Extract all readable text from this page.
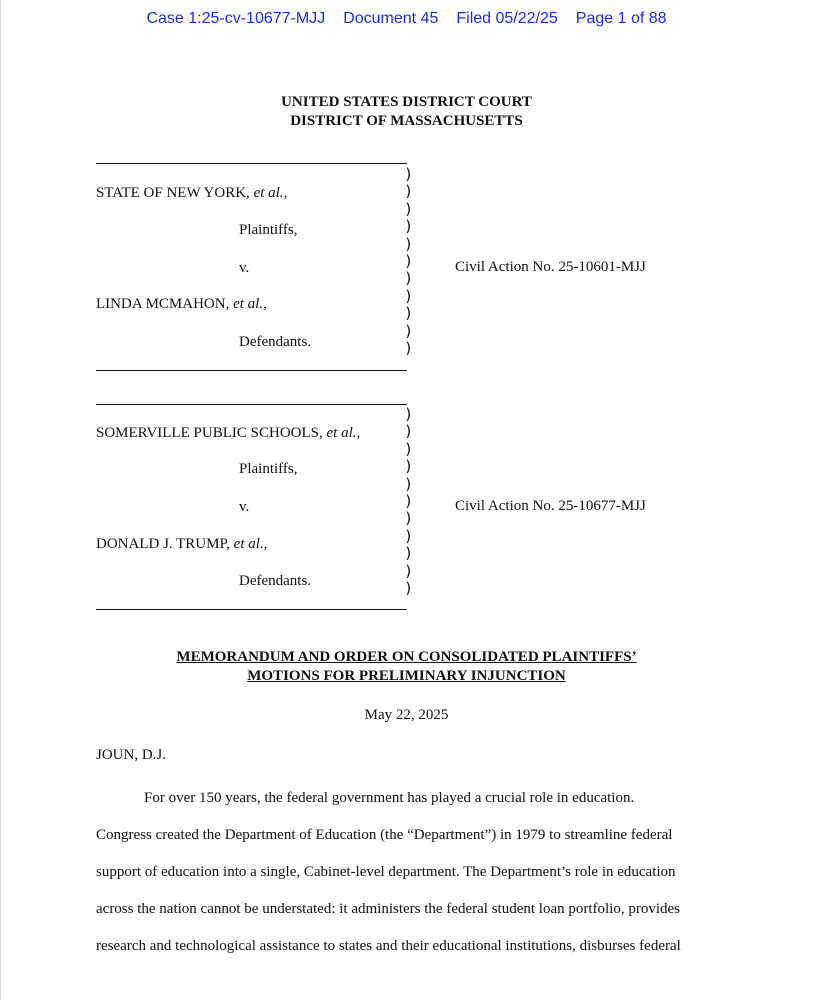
Case 1:25-cv-10677-MJJ Document 45 Filed 05/22/25 Page 1 of 88
UNITED STATES DISTRICT COURT
DISTRICT OF MASSACHUSETTS
)
)
)
)
)
)
)
)
)
)
)
STATE OF NEW YORK, et al.,
Plaintiffs,
v.
LINDA MCMAHON, et al.,
Defendants.
Civil Action No. 25-10601-MJJ
)
)
)
)
)
)
)
)
)
)
)
SOMERVILLE PUBLIC SCHOOLS, et al.,
Plaintiffs,
v.
DONALD J. TRUMP, et al.,
Defendants.
Civil Action No. 25-10677-MJJ
MEMORANDUM AND ORDER ON CONSOLIDATED PLAINTIFFS’
MOTIONS FOR PRELIMINARY INJUNCTION
May 22, 2025
JOUN, D.J.
For over 150 years, the federal government has played a crucial role in education.
Congress created the Department of Education (the “Department”) in 1979 to streamline federal
support of education into a single, Cabinet-level department. The Department’s role in education
across the nation cannot be understated: it administers the federal student loan portfolio, provides
research and technological assistance to states and their educational institutions, disburses federal
